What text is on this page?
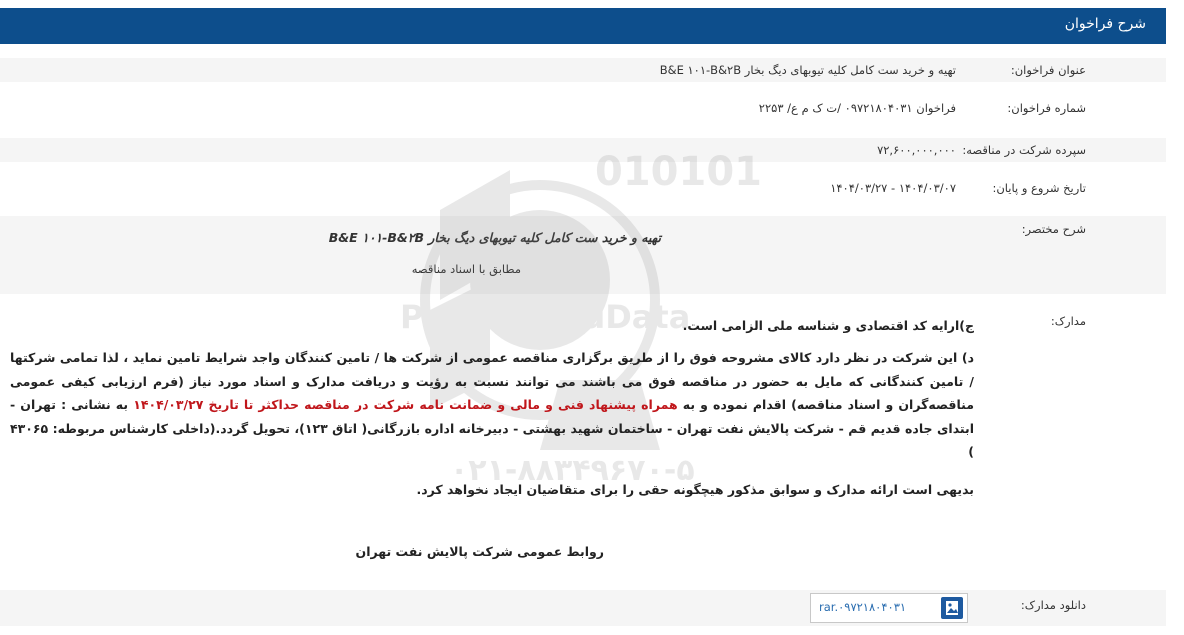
شرح فراخوان
عنوان فراخوان:
تهیه و خرید ست کامل کلیه تیوبهای دیگ بخار B&E ۱۰۱-B&۲B
شماره فراخوان:
فراخوان ۰۹۷۲۱۸۰۴۰۳۱ /ت ک م ع/ ۲۲۵۳
سپرده شرکت در مناقصه:
۷۲,۶۰۰,۰۰۰,۰۰۰
تاریخ شروع و پایان:
۱۴۰۴/۰۳/۰۷ - ۱۴۰۴/۰۳/۲۷
شرح مختصر:
تهیه و خرید ست کامل کلیه تیوبهای دیگ بخار B&E ۱۰۱-B&۲B
مطابق با اسناد مناقصه
010101
ParsNamadData
۰۲۱-۸۸۳۴۹۶۷۰-۵
مدارک:
ج)ارایه کد اقتصادی و شناسه ملی الزامی است.
د) این شرکت در نظر دارد کالای مشروحه فوق را از طریق برگزاری مناقصه عمومی از شرکت ها / تامین کنندگان واجد شرایط تامین نماید ، لذا تمامی شرکتها / تامین کنندگانی که مایل به حضور در مناقصه فوق می باشند می توانند نسبت به رؤیت و دریافت مدارک و اسناد مورد نیاز (فرم ارزیابی کیفی عمومی مناقصه‌گران و اسناد مناقصه) اقدام نموده و به همراه پیشنهاد فنی و مالی و ضمانت نامه شرکت در مناقصه حداکثر تا تاریخ ۱۴۰۴/۰۳/۲۷ به نشانی : تهران - ابتدای جاده قدیم قم - شرکت پالایش نفت تهران - ساختمان شهید بهشتی - دبیرخانه اداره بازرگانی( اتاق ۱۲۳)، تحویل گردد.(داخلی کارشناس مربوطه: ۴۳۰۶۵ )
بدیهی است ارائه مدارک و سوابق مذکور هیچگونه حقی را برای متقاضیان ایجاد نخواهد کرد.
روابط عمومی شرکت پالایش نفت تهران
دانلود مدارک:
rar.۰۹۷۲۱۸۰۴۰۳۱
